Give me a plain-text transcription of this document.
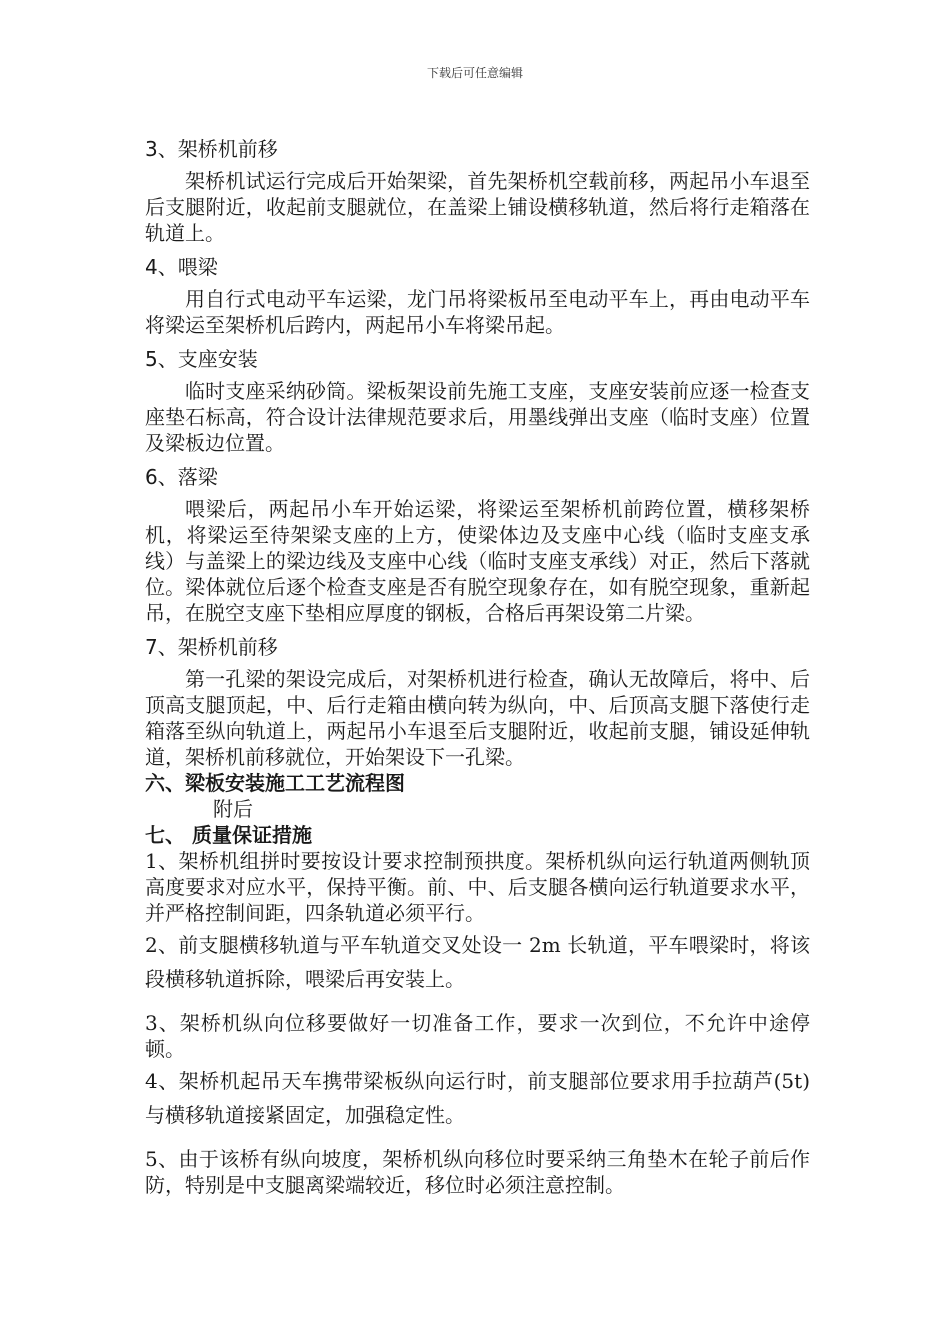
下载后可任意编辑
3、架桥机前移
架桥机试运行完成后开始架梁，首先架桥机空载前移，两起吊小车退至后支腿附近，收起前支腿就位，在盖梁上铺设横移轨道，然后将行走箱落在轨道上。
4、喂梁
用自行式电动平车运梁，龙门吊将梁板吊至电动平车上，再由电动平车将梁运至架桥机后跨内，两起吊小车将梁吊起。
5、支座安装
临时支座采纳砂筒。梁板架设前先施工支座，支座安装前应逐一检查支座垫石标高，符合设计法律规范要求后，用墨线弹出支座（临时支座）位置及梁板边位置。
6、落梁
喂梁后，两起吊小车开始运梁，将梁运至架桥机前跨位置，横移架桥机，将梁运至待架梁支座的上方，使梁体边及支座中心线（临时支座支承线）与盖梁上的梁边线及支座中心线（临时支座支承线）对正，然后下落就位。梁体就位后逐个检查支座是否有脱空现象存在，如有脱空现象，重新起吊，在脱空支座下垫相应厚度的钢板，合格后再架设第二片梁。
7、架桥机前移
第一孔梁的架设完成后，对架桥机进行检查，确认无故障后，将中、后顶高支腿顶起，中、后行走箱由横向转为纵向，中、后顶高支腿下落使行走箱落至纵向轨道上，两起吊小车退至后支腿附近，收起前支腿，铺设延伸轨道，架桥机前移就位，开始架设下一孔梁。
六、梁板安装施工工艺流程图
附后
七、 质量保证措施
1、架桥机组拼时要按设计要求控制预拱度。架桥机纵向运行轨道两侧轨顶高度要求对应水平，保持平衡。前、中、后支腿各横向运行轨道要求水平，并严格控制间距，四条轨道必须平行。
2、前支腿横移轨道与平车轨道交叉处设一 2m 长轨道，平车喂梁时，将该段横移轨道拆除，喂梁后再安装上。
3、架桥机纵向位移要做好一切准备工作，要求一次到位，不允许中途停顿。
4、架桥机起吊天车携带梁板纵向运行时，前支腿部位要求用手拉葫芦(5t)与横移轨道接紧固定，加强稳定性。
5、由于该桥有纵向坡度，架桥机纵向移位时要采纳三角垫木在轮子前后作防，特别是中支腿离梁端较近，移位时必须注意控制。
